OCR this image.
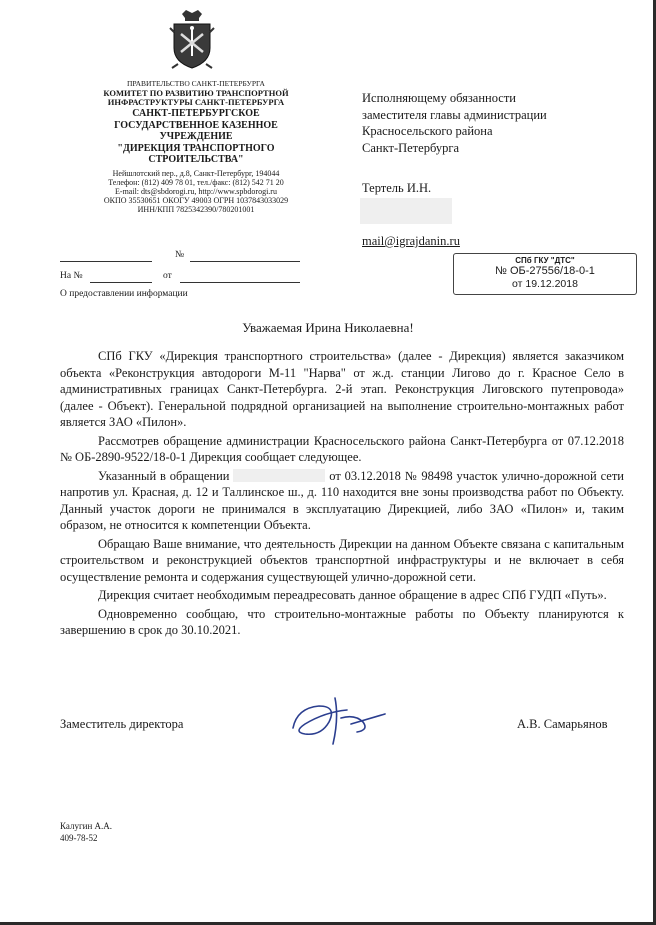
ПРАВИТЕЛЬСТВО САНКТ-ПЕТЕРБУРГА
КОМИТЕТ ПО РАЗВИТИЮ ТРАНСПОРТНОЙ
ИНФРАСТРУКТУРЫ САНКТ-ПЕТЕРБУРГА
САНКТ-ПЕТЕРБУРГСКОЕ
ГОСУДАРСТВЕННОЕ КАЗЕННОЕ
УЧРЕЖДЕНИЕ
"ДИРЕКЦИЯ ТРАНСПОРТНОГО
СТРОИТЕЛЬСТВА"
Нейшлотский пер., д.8, Санкт-Петербург, 194044
Телефон: (812) 409 78 01, тел./факс: (812) 542 71 20
E-mail: dts@sbdorogi.ru, http://www.spbdorogi.ru
ОКПО 35530651 ОКОГУ 49003 ОГРН 1037843033029
ИНН/КПП 7825342390/780201001
№
На №	от
О предоставлении информации
Исполняющему обязанности
заместителя главы администрации
Красносельского района
Санкт-Петербурга
Тертель И.Н.
mail@igrajdanin.ru
СПб ГКУ "ДТС"
№ ОБ-27556/18-0-1
от 19.12.2018
Уважаемая Ирина Николаевна!

СПб ГКУ «Дирекция транспортного строительства» (далее - Дирекция) является заказчиком объекта «Реконструкция автодороги М-11 "Нарва" от ж.д. станции Лигово до г. Красное Село в административных границах Санкт-Петербурга. 2-й этап. Реконструкция Лиговского путепровода» (далее - Объект). Генеральной подрядной организацией на выполнение строительно-монтажных работ является ЗАО «Пилон».

Рассмотрев обращение администрации Красносельского района Санкт-Петербурга от 07.12.2018 № ОБ-2890-9522/18-0-1 Дирекция сообщает следующее.

Указанный в обращении	от 03.12.2018 № 98498 участок улично-дорожной сети напротив ул. Красная, д. 12 и Таллинское ш., д. 110 находится вне зоны производства работ по Объекту. Данный участок дороги не принимался в эксплуатацию Дирекцией, либо ЗАО «Пилон» и, таким образом, не относится к компетенции Объекта.

Обращаю Ваше внимание, что деятельность Дирекции на данном Объекте связана с капитальным строительством и реконструкцией объектов транспортной инфраструктуры и не включает в себя осуществление ремонта и содержания существующей улично-дорожной сети.

Дирекция считает необходимым переадресовать данное обращение в адрес СПб ГУДП «Путь».

Одновременно сообщаю, что строительно-монтажные работы по Объекту планируются к завершению в срок до 30.10.2021.

Заместитель директора	А.В. Самарьянов
Калугин А.А.
409-78-52
